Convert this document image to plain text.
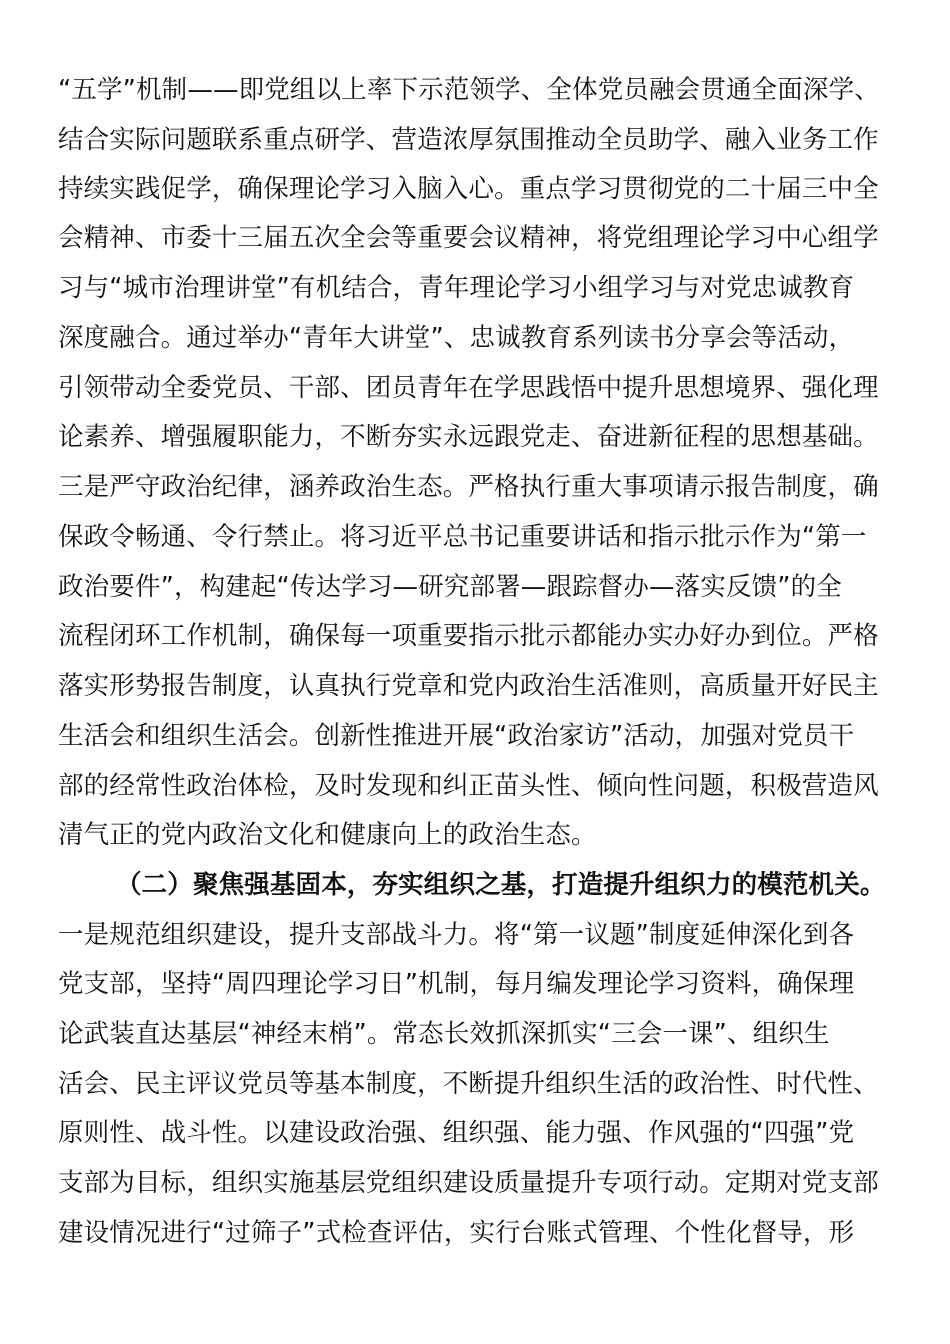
“五学”机制——即党组以上率下示范领学、全体党员融会贯通全面深学、
结合实际问题联系重点研学、营造浓厚氛围推动全员助学、融入业务工作
持续实践促学，确保理论学习入脑入心。重点学习贯彻党的二十届三中全
会精神、市委十三届五次全会等重要会议精神，将党组理论学习中心组学
习与“城市治理讲堂”有机结合，青年理论学习小组学习与对党忠诚教育
深度融合。通过举办“青年大讲堂”、忠诚教育系列读书分享会等活动，
引领带动全委党员、干部、团员青年在学思践悟中提升思想境界、强化理
论素养、增强履职能力，不断夯实永远跟党走、奋进新征程的思想基础。
三是严守政治纪律，涵养政治生态。严格执行重大事项请示报告制度，确
保政令畅通、令行禁止。将习近平总书记重要讲话和指示批示作为“第一
政治要件”，构建起“传达学习—研究部署—跟踪督办—落实反馈”的全
流程闭环工作机制，确保每一项重要指示批示都能办实办好办到位。严格
落实形势报告制度，认真执行党章和党内政治生活准则，高质量开好民主
生活会和组织生活会。创新性推进开展“政治家访”活动，加强对党员干
部的经常性政治体检，及时发现和纠正苗头性、倾向性问题，积极营造风
清气正的党内政治文化和健康向上的政治生态。
（二）聚焦强基固本，夯实组织之基，打造提升组织力的模范机关。
一是规范组织建设，提升支部战斗力。将“第一议题”制度延伸深化到各
党支部，坚持“周四理论学习日”机制，每月编发理论学习资料，确保理
论武装直达基层“神经末梢”。常态长效抓深抓实“三会一课”、组织生
活会、民主评议党员等基本制度，不断提升组织生活的政治性、时代性、
原则性、战斗性。以建设政治强、组织强、能力强、作风强的“四强”党
支部为目标，组织实施基层党组织建设质量提升专项行动。定期对党支部
建设情况进行“过筛子”式检查评估，实行台账式管理、个性化督导，形
